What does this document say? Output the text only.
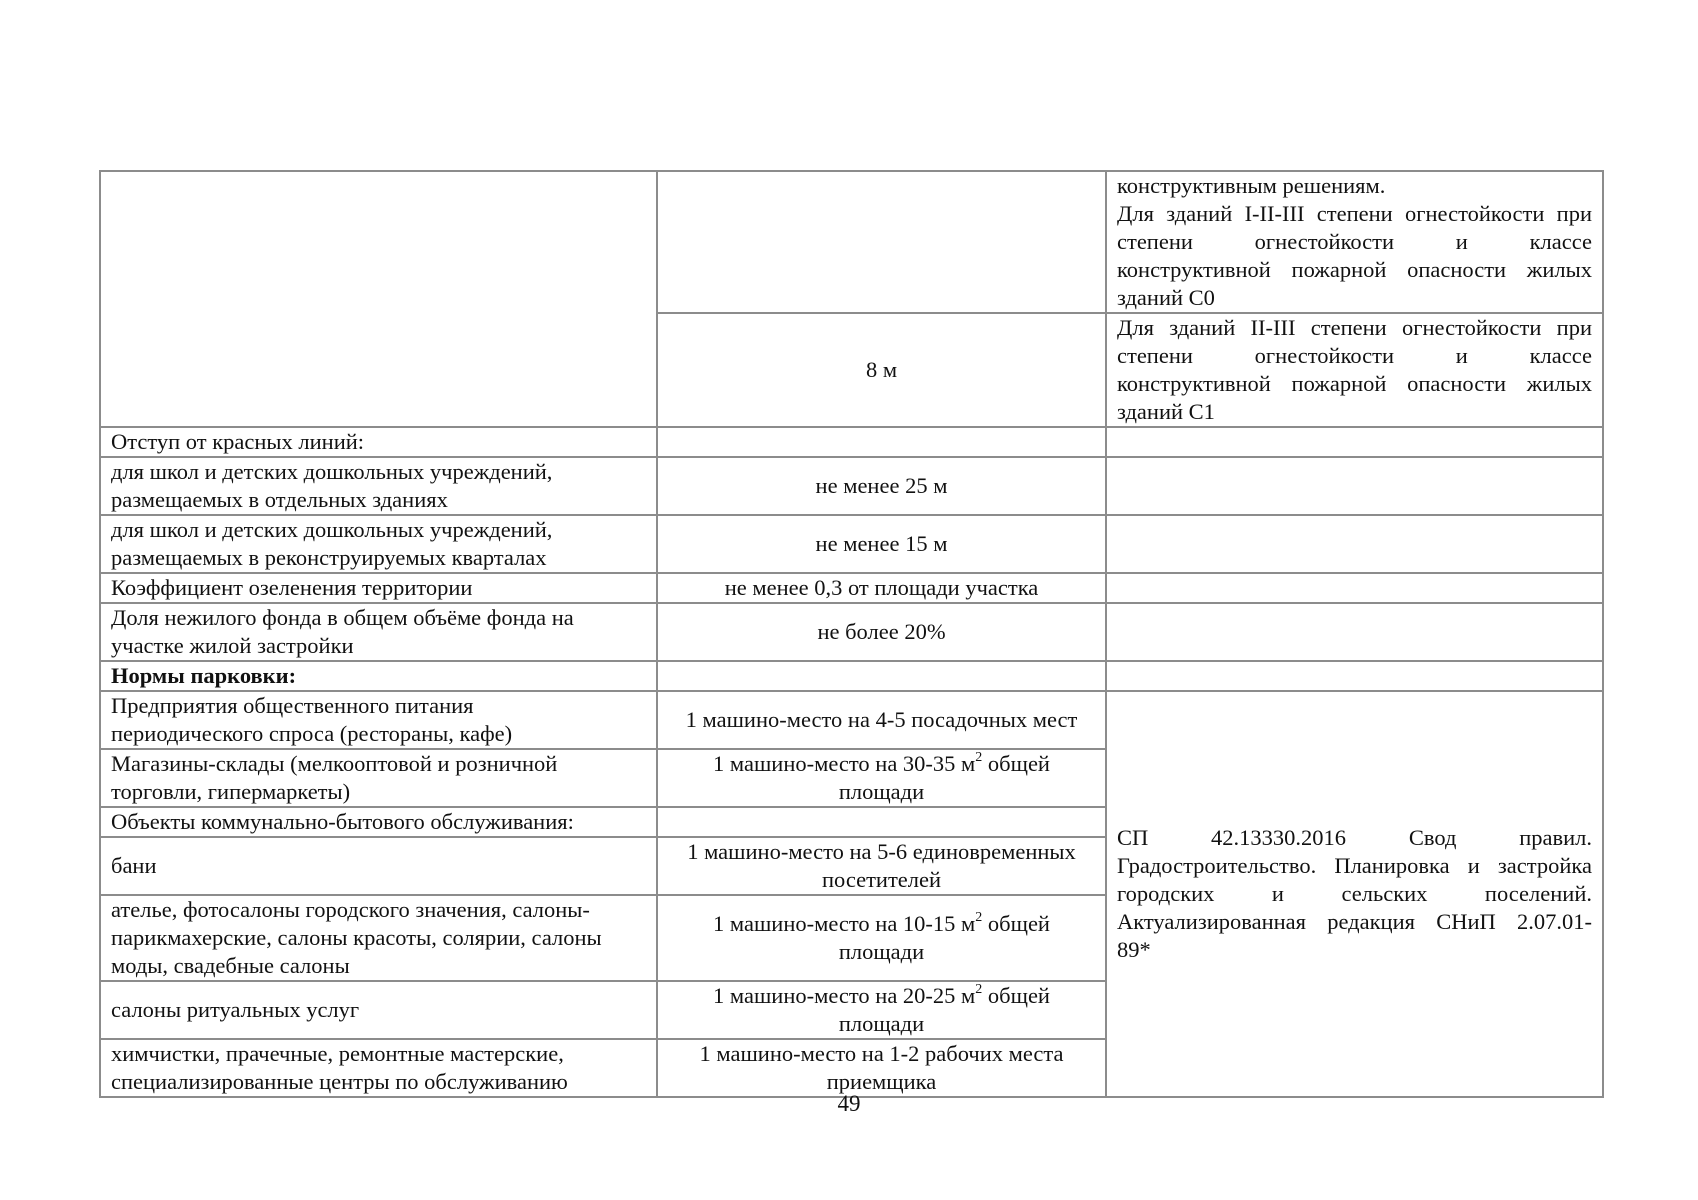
		конструктивным решениям.
Для зданий I-II-III степени огнестойкости при
степени огнестойкости и классе
конструктивной пожарной опасности жилых
зданий С0

	8 м	Для зданий II-III степени огнестойкости при
степени огнестойкости и классе
конструктивной пожарной опасности жилых
зданий С1

Отступ от красных линий:		

для школ и детских дошкольных учреждений,
размещаемых в отдельных зданиях	не менее 25 м	

для школ и детских дошкольных учреждений,
размещаемых в реконструируемых кварталах	не менее 15 м	
Коэффициент озеленения территории	не менее 0,3 от площади участка	

Доля нежилого фонда в общем объёме фонда на
участке жилой застройки	не более 20%	
Нормы парковки:		

Предприятия общественного питания
периодического спроса (рестораны, кафе)	1 машино-место на 4-5 посадочных мест	СП 42.13330.2016 Свод правил.
Градостроительство. Планировка и застройка
городских и сельских поселений.
Актуализированная редакция СНиП 2.07.01-
89*

Магазины-склады (мелкооптовой и розничной
торговли, гипермаркеты)	1 машино-место на 30-35 $м^2$ общей
площади	
Объекты коммунально-бытового обслуживания:		
бани	1 машино-место на 5-6 единовременных
посетителей	

ателье, фотосалоны городского значения, салоны-
парикмахерские, салоны красоты, солярии, салоны
моды, свадебные салоны	1 машино-место на 10-15 $м^2$ общей
площади	
салоны ритуальных услуг	1 машино-место на 20-25 $м^2$ общей
площади	

химчистки, прачечные, ремонтные мастерские,
специализированные центры по обслуживанию	1 машино-место на 1-2 рабочих места
приемщика	
49
